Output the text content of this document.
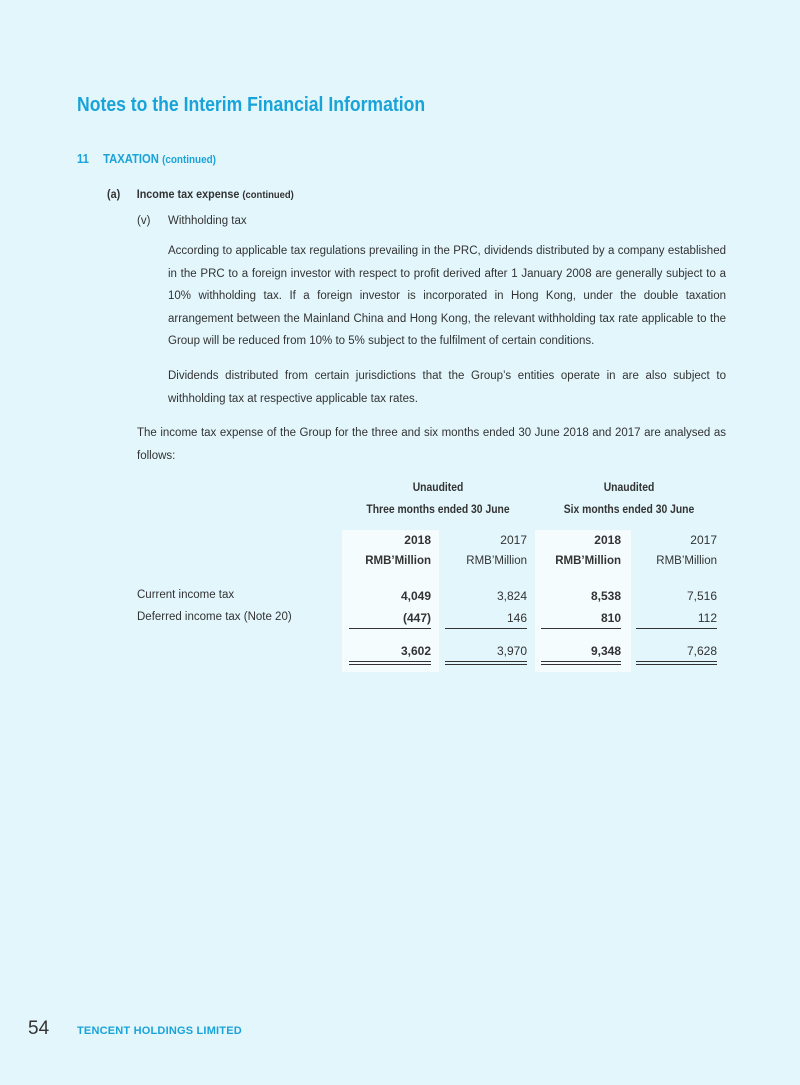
Notes to the Interim Financial Information
11 TAXATION (continued)
(a) Income tax expense (continued)
(v) Withholding tax

According to applicable tax regulations prevailing in the PRC, dividends distributed by a company established in the PRC to a foreign investor with respect to profit derived after 1 January 2008 are generally subject to a 10% withholding tax. If a foreign investor is incorporated in Hong Kong, under the double taxation arrangement between the Mainland China and Hong Kong, the relevant withholding tax rate applicable to the Group will be reduced from 10% to 5% subject to the fulfilment of certain conditions.

Dividends distributed from certain jurisdictions that the Group’s entities operate in are also subject to withholding tax at respective applicable tax rates.

The income tax expense of the Group for the three and six months ended 30 June 2018 and 2017 are analysed as follows:

Unaudited	Unaudited
Three months ended 30 June	Six months ended 30 June
2018	2017	2018	2017
RMB’Million	RMB’Million	RMB’Million	RMB’Million
Current income tax	4,049	3,824	8,538	7,516
Deferred income tax (Note 20)	(447)	146	810	112
3,602	3,970	9,348	7,628
54	TENCENT HOLDINGS LIMITED
